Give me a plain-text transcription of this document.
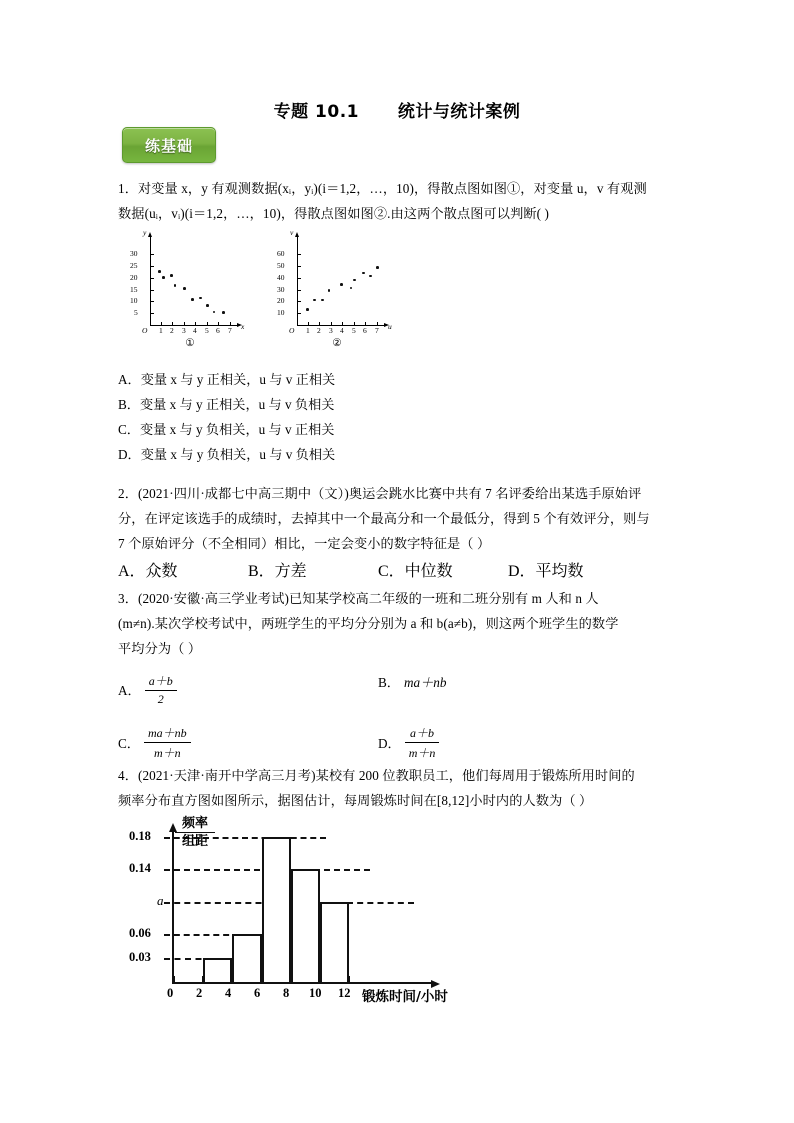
专题 10.1 统计与统计案例
练基础
1．对变量 x，y 有观测数据(xᵢ，yᵢ)(i＝1,2，…，10)，得散点图如图①，对变量 u，v 有观测
数据(uᵢ，vᵢ)(i＝1,2，…，10)，得散点图如图②.由这两个散点图可以判断( )
y
x
O
5
10
15
20
25
30
1 2 3 4 5 6 7
①
v
u
O
10
20
30
40
50
60
1 2 3 4 5 6 7
②
A．变量 x 与 y 正相关，u 与 v 正相关
B．变量 x 与 y 正相关，u 与 v 负相关
C．变量 x 与 y 负相关，u 与 v 正相关
D．变量 x 与 y 负相关，u 与 v 负相关
2．(2021·四川·成都七中高三期中（文）)奥运会跳水比赛中共有 7 名评委给出某选手原始评
分，在评定该选手的成绩时，去掉其中一个最高分和一个最低分，得到 5 个有效评分，则与
7 个原始评分（不全相同）相比，一定会变小的数字特征是（ ）
A．众数	B．方差	C．中位数	D．平均数
3．(2020·安徽·高三学业考试)已知某学校高二年级的一班和二班分别有 m 人和 n 人
(m≠n).某次学校考试中，两班学生的平均分分别为 a 和 b(a≠b)，则这两个班学生的数学
平均分为（ ）
A． $\frac{a+b}{2}$	B． ma＋nb
C． $\frac{ma+nb}{m+n}$	D． $\frac{a+b}{m+n}$
4．(2021·天津·南开中学高三月考)某校有 200 位教职员工，他们每周用于锻炼所用时间的
频率分布直方图如图所示，据图估计，每周锻炼时间在[8,12]小时内的人数为（ ）
频率
组距
0.03
0.06
a
0.14
0.18
0 2 4 6 8 10 12 锻炼时间/小时
